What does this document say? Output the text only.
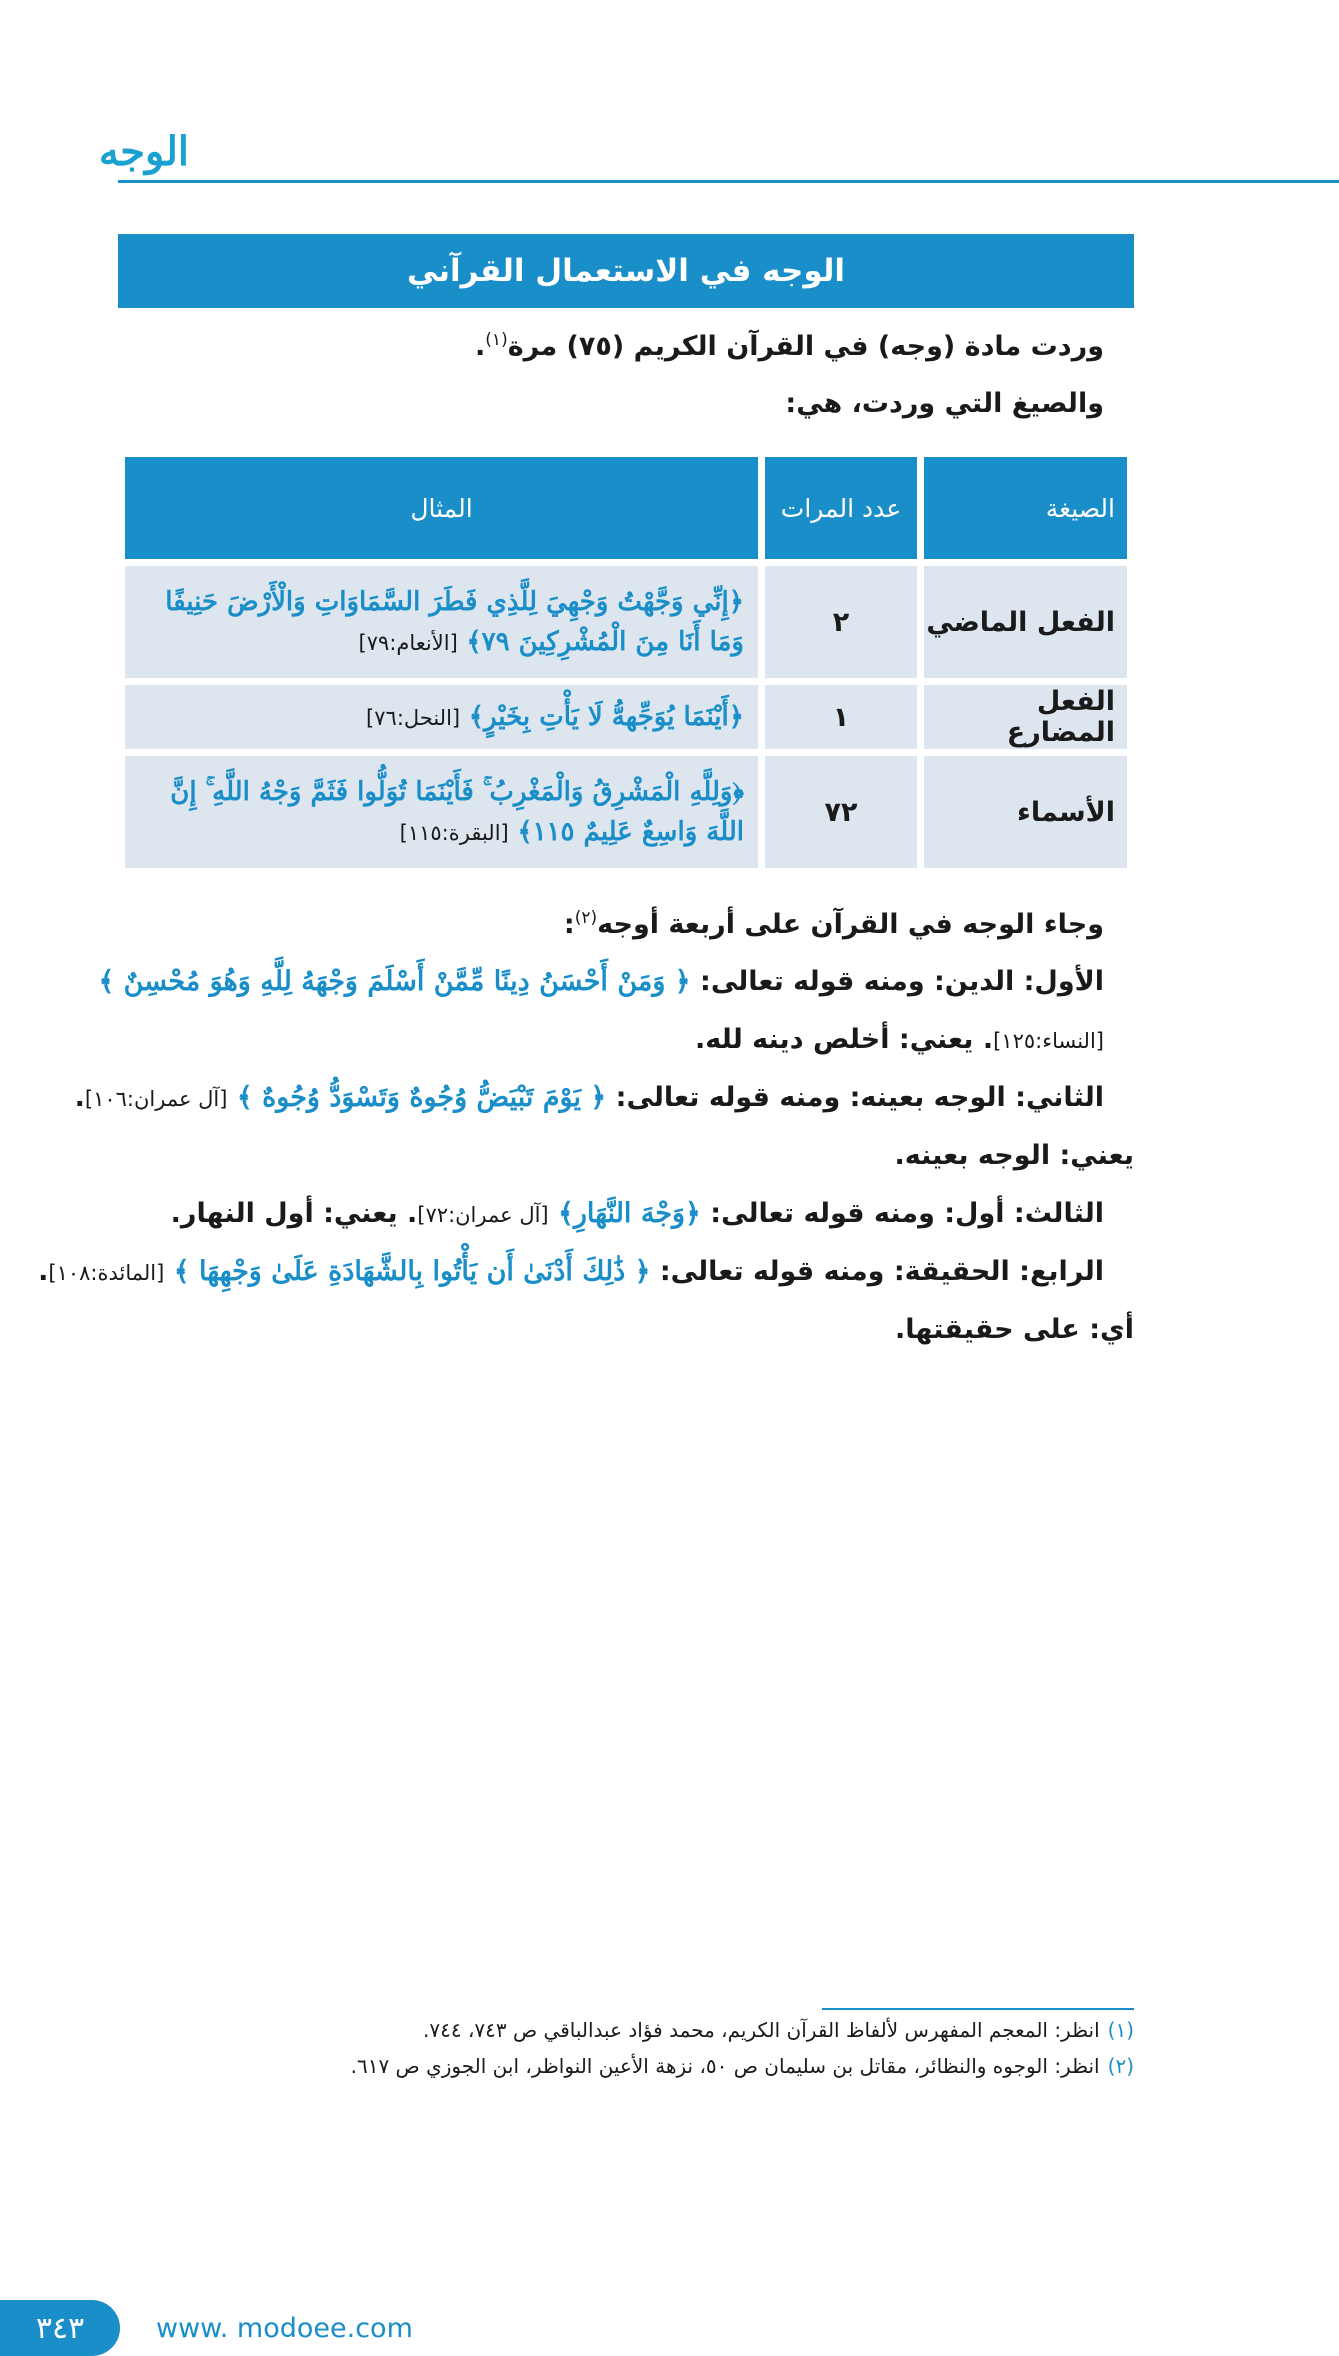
الوجه
الوجه في الاستعمال القرآني
وردت مادة (وجه) في القرآن الكريم (٧٥) مرة$^{(١)}$.
والصيغ التي وردت، هي:
الصيغة	عدد المرات	المثال
الفعل الماضي	٢	﴿إِنِّي وَجَّهْتُ وَجْهِيَ لِلَّذِي فَطَرَ السَّمَاوَاتِ وَالْأَرْضَ حَنِيفًا وَمَا أَنَا مِنَ الْمُشْرِكِينَ ٧٩﴾ [الأنعام:٧٩]
الفعل المضارع	١	﴿أَيْنَمَا يُوَجِّههُّ لَا يَأْتِ بِخَيْرٍ﴾ [النحل:٧٦]
الأسماء	٧٢	﴿وَلِلَّهِ الْمَشْرِقُ وَالْمَغْرِبُ ۚ فَأَيْنَمَا تُوَلُّوا فَثَمَّ وَجْهُ اللَّهِ ۚ إِنَّ اللَّهَ وَاسِعٌ عَلِيمٌ ١١٥﴾ [البقرة:١١٥]
وجاء الوجه في القرآن على أربعة أوجه$^{(٢)}$:
الأول: الدين: ومنه قوله تعالى: ﴿ وَمَنْ أَحْسَنُ دِينًا مِّمَّنْ أَسْلَمَ وَجْهَهُ لِلَّهِ وَهُوَ مُحْسِنٌ ﴾
[النساء:١٢٥]. يعني: أخلص دينه لله.
الثاني: الوجه بعينه: ومنه قوله تعالى: ﴿ يَوْمَ تَبْيَضُّ وُجُوهٌ وَتَسْوَدُّ وُجُوهٌ ﴾ [آل عمران:١٠٦].
يعني: الوجه بعينه.
الثالث: أول: ومنه قوله تعالى: ﴿وَجْهَ النَّهَارِ﴾ [آل عمران:٧٢]. يعني: أول النهار.
الرابع: الحقيقة: ومنه قوله تعالى: ﴿ ذَٰلِكَ أَدْنَىٰ أَن يَأْتُوا بِالشَّهَادَةِ عَلَىٰ وَجْهِهَا ﴾ [المائدة:١٠٨].
أي: على حقيقتها.
(١)انظر: المعجم المفهرس لألفاظ القرآن الكريم، محمد فؤاد عبدالباقي ص ٧٤٣، ٧٤٤.
(٢)انظر: الوجوه والنظائر، مقاتل بن سليمان ص ٥٠، نزهة الأعين النواظر، ابن الجوزي ص ٦١٧.
٣٤٣	www. modoee.com
